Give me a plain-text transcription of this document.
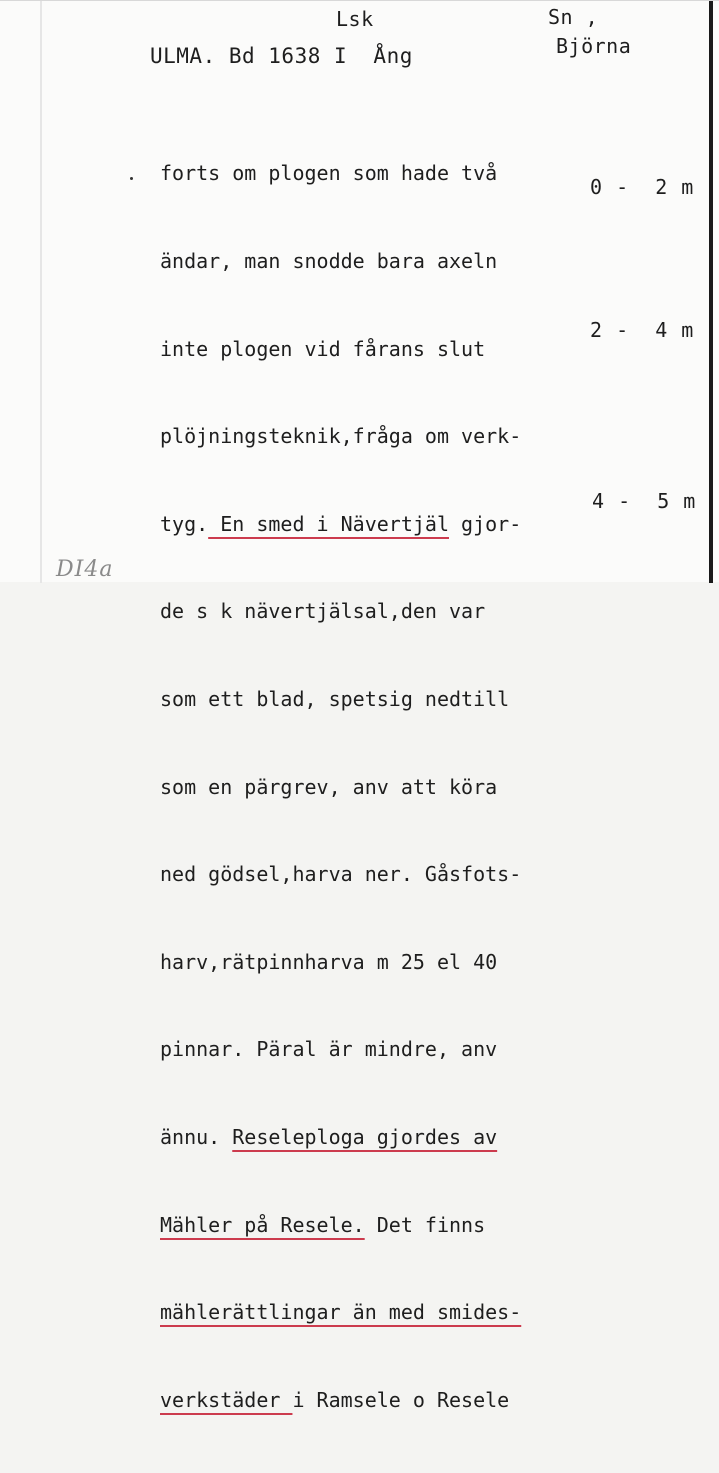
Lsk	Sn ,
ULMA. Bd 1638 I  Ång	Björna

forts om plogen som hade två

ändar, man snodde bara axeln

inte plogen vid fårans slut

plöjningsteknik,fråga om verk-

tyg. En smed i Nävertjäl gjor-

de s k nävertjälsal,den var

som ett blad, spetsig nedtill

som en pärgrev, anv att köra

ned gödsel,harva ner. Gåsfots-

harv,rätpinnharva m 25 el 40

pinnar. Päral är mindre, anv

ännu. Reseleploga gjordes av

Mähler på Resele. Det finns

mählerättlingar än med smides-

verkstäder i Ramsele o Resele

0 -  2 m
2 -  4 m
4 -  5 m
DI4a
